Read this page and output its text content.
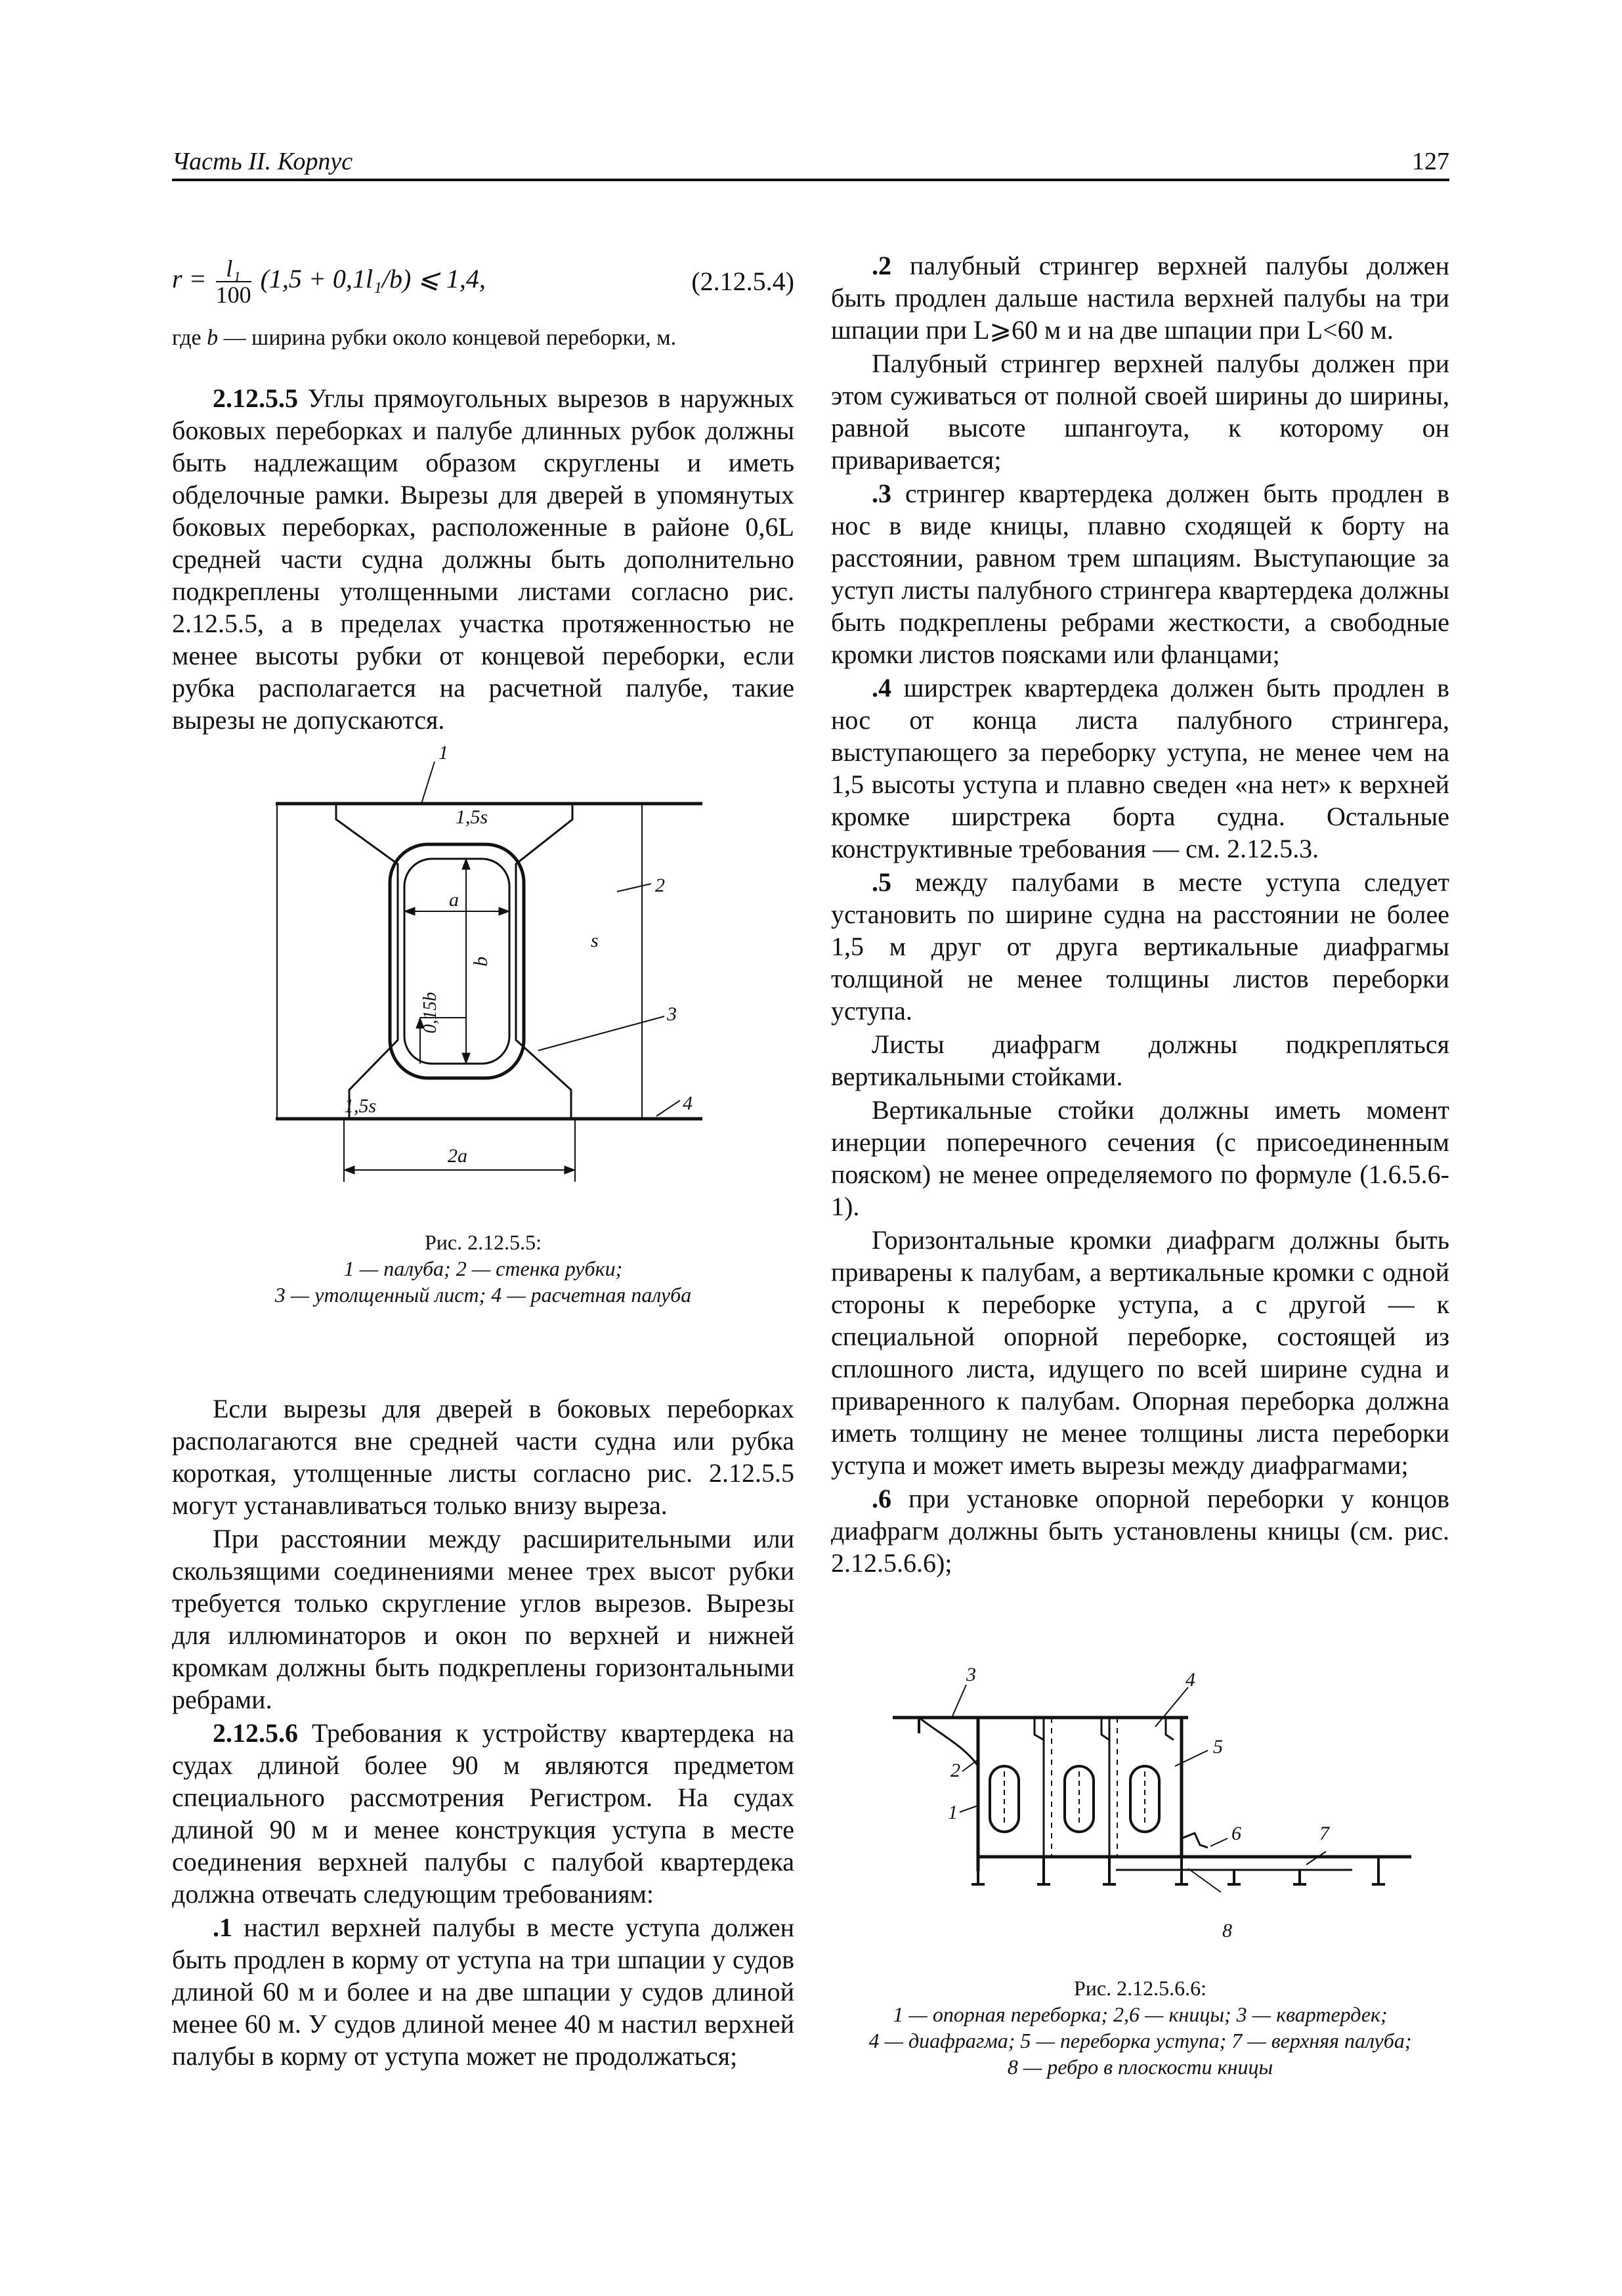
Часть II. Корпус	127
$r = \frac{\text{l₁}}{100} (1,5 + 0,1l_1/b)$ ⩽ 1,4,	(2.12.5.4)

где b — ширина рубки около концевой переборки, м.

2.12.5.5 Углы прямоугольных вырезов в наружных боковых переборках и палубе длинных рубок должны быть надлежащим образом скруглены и иметь обделочные рамки. Вырезы для дверей в упомянутых боковых переборках, расположенные в районе 0,6L средней части судна должны быть дополнительно подкреплены утолщенными листами согласно рис. 2.12.5.5, а в пределах участка протяженностью не менее высоты рубки от концевой переборки, если рубка располагается на расчетной палубе, такие вырезы не допускаются.

Если вырезы для дверей в боковых переборках располагаются вне средней части судна или рубка короткая, утолщенные листы согласно рис. 2.12.5.5 могут устанавливаться только внизу выреза.

При расстоянии между расширительными или скользящими соединениями менее трех высот рубки требуется только скругление углов вырезов. Вырезы для иллюминаторов и окон по верхней и нижней кромкам должны быть подкреплены горизонтальными ребрами.

2.12.5.6 Требования к устройству квартердека на судах длиной более 90 м являются предметом специального рассмотрения Регистром. На судах длиной 90 м и менее конструкция уступа в месте соединения верхней палубы с палубой квартердека должна отвечать следующим требованиям:

.1 настил верхней палубы в месте уступа должен быть продлен в корму от уступа на три шпации у судов длиной 60 м и более и на две шпации у судов длиной менее 60 м. У судов длиной менее 40 м настил верхней палубы в корму от уступа может не продолжаться;

.2 палубный стрингер верхней палубы должен быть продлен дальше настила верхней палубы на три шпации при L⩾60 м и на две шпации при L<60 м.

Палубный стрингер верхней палубы должен при этом суживаться от полной своей ширины до ширины, равной высоте шпангоута, к которому он приваривается;

.3 стрингер квартердека должен быть продлен в нос в виде кницы, плавно сходящей к борту на расстоянии, равном трем шпациям. Выступающие за уступ листы палубного стрингера квартердека должны быть подкреплены ребрами жесткости, а свободные кромки листов поясками или фланцами;

.4 ширстрек квартердека должен быть продлен в нос от конца листа палубного стрингера, выступающего за переборку уступа, не менее чем на 1,5 высоты уступа и плавно сведен «на нет» к верхней кромке ширстрека борта судна. Остальные конструктивные требования — см. 2.12.5.3.

.5 между палубами в месте уступа следует установить по ширине судна на расстоянии не более 1,5 м друг от друга вертикальные диафрагмы толщиной не менее толщины листов переборки уступа.

Листы диафрагм должны подкрепляться вертикальными стойками.

Вертикальные стойки должны иметь момент инерции поперечного сечения (с присоединенным пояском) не менее определяемого по формуле (1.6.5.6-1).

Горизонтальные кромки диафрагм должны быть приварены к палубам, а вертикальные кромки с одной стороны к переборке уступа, а с другой — к специальной опорной переборке, состоящей из сплошного листа, идущего по всей ширине судна и приваренного к палубам. Опорная переборка должна иметь толщину не менее толщины листа переборки уступа и может иметь вырезы между диафрагмами;

.6 при установке опорной переборки у концов диафрагм должны быть установлены кницы (см. рис. 2.12.5.6.6);

1
1,5s
a
s
2
b
0,15b	3
1,5s	4
2a
Рис. 2.12.5.5:
1 — палуба; 2 — стенка рубки;
3 — утолщенный лист; 4 — расчетная палуба
3	4
5
2
1
6	7
8
Рис. 2.12.5.6.6:
1 — опорная переборка; 2,6 — кницы; 3 — квартердек;
4 — диафрагма; 5 — переборка уступа; 7 — верхняя палуба;
8 — ребро в плоскости кницы
